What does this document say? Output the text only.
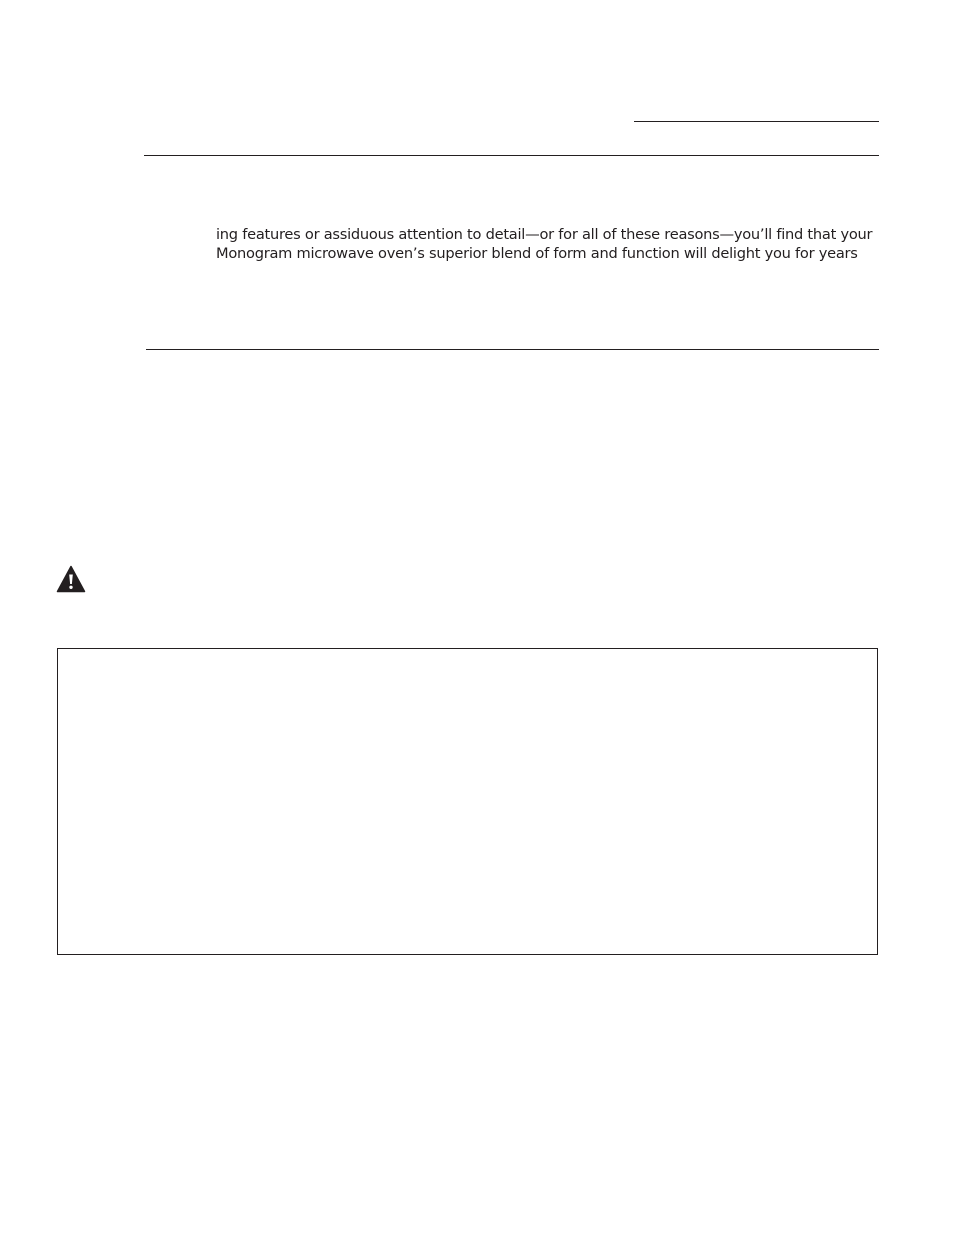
ing features or assiduous attention to detail—or for all of these reasons—you’ll find that your
Monogram microwave oven’s superior blend of form and function will delight you for years
